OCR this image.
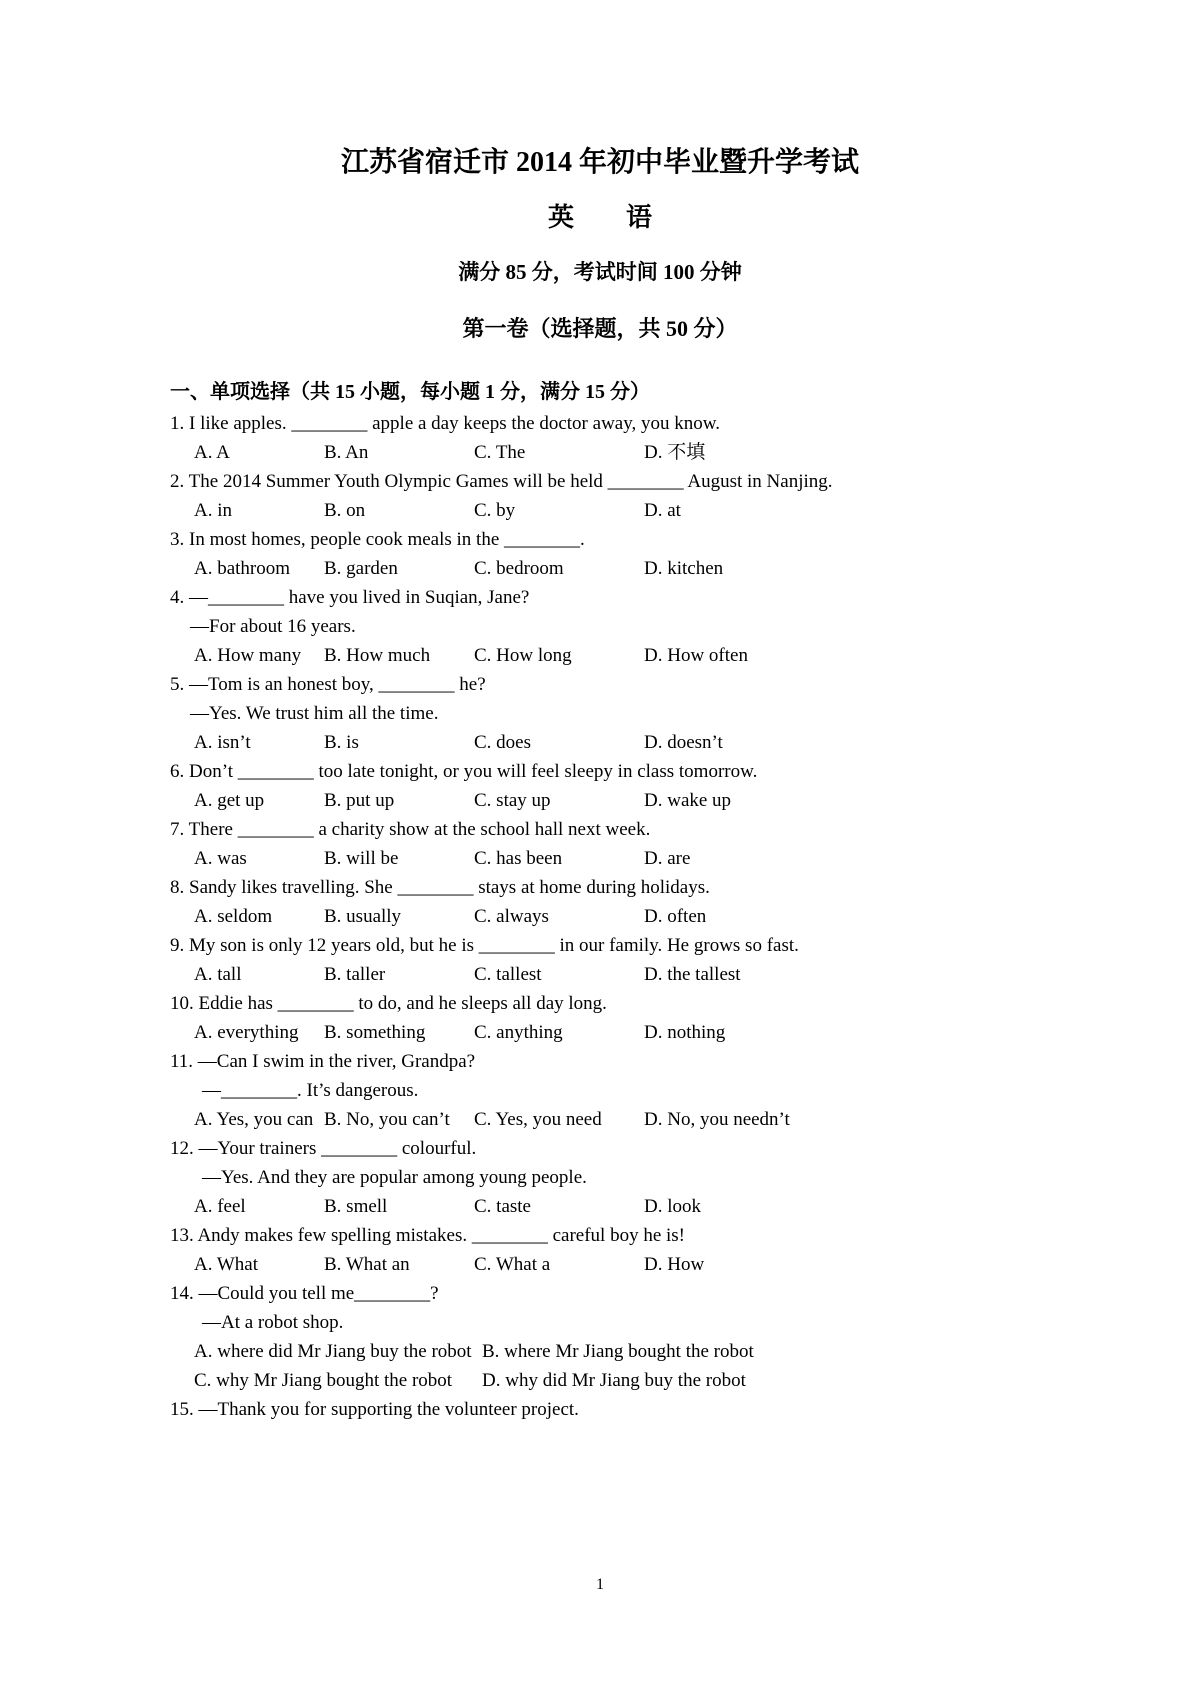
江苏省宿迁市 2014 年初中毕业暨升学考试
英　　语
满分 85 分，考试时间 100 分钟
第一卷（选择题，共 50 分）
一、单项选择（共 15 小题，每小题 1 分，满分 15 分）
1. I like apples. ________ apple a day keeps the doctor away, you know.
A. A	B. An	C. The	D. 不填
2. The 2014 Summer Youth Olympic Games will be held ________ August in Nanjing.
A. in	B. on	C. by	D. at
3. In most homes, people cook meals in the ________.
A. bathroom	B. garden	C. bedroom	D. kitchen
4. —________ have you lived in Suqian, Jane?
—For about 16 years.
A. How many	B. How much	C. How long	D. How often
5. —Tom is an honest boy, ________ he?
—Yes. We trust him all the time.
A. isn’t	B. is	C. does	D. doesn’t
6. Don’t ________ too late tonight, or you will feel sleepy in class tomorrow.
A. get up	B. put up	C. stay up	D. wake up
7. There ________ a charity show at the school hall next week.
A. was	B. will be	C. has been	D. are
8. Sandy likes travelling. She ________ stays at home during holidays.
A. seldom	B. usually	C. always	D. often
9. My son is only 12 years old, but he is ________ in our family. He grows so fast.
A. tall	B. taller	C. tallest	D. the tallest
10. Eddie has ________ to do, and he sleeps all day long.
A. everything	B. something	C. anything	D. nothing
11. —Can I swim in the river, Grandpa?
—________. It’s dangerous.
A. Yes, you can B. No, you can’t	C. Yes, you need	D. No, you needn’t
12. —Your trainers ________ colourful.
—Yes. And they are popular among young people.
A. feel	B. smell	C. taste	D. look
13. Andy makes few spelling mistakes. ________ careful boy he is!
A. What	B. What an	C. What a	D. How
14. —Could you tell me________?
—At a robot shop.
A. where did Mr Jiang buy the robot B. where Mr Jiang bought the robot
C. why Mr Jiang bought the robot	D. why did Mr Jiang buy the robot
15. —Thank you for supporting the volunteer project.
1
